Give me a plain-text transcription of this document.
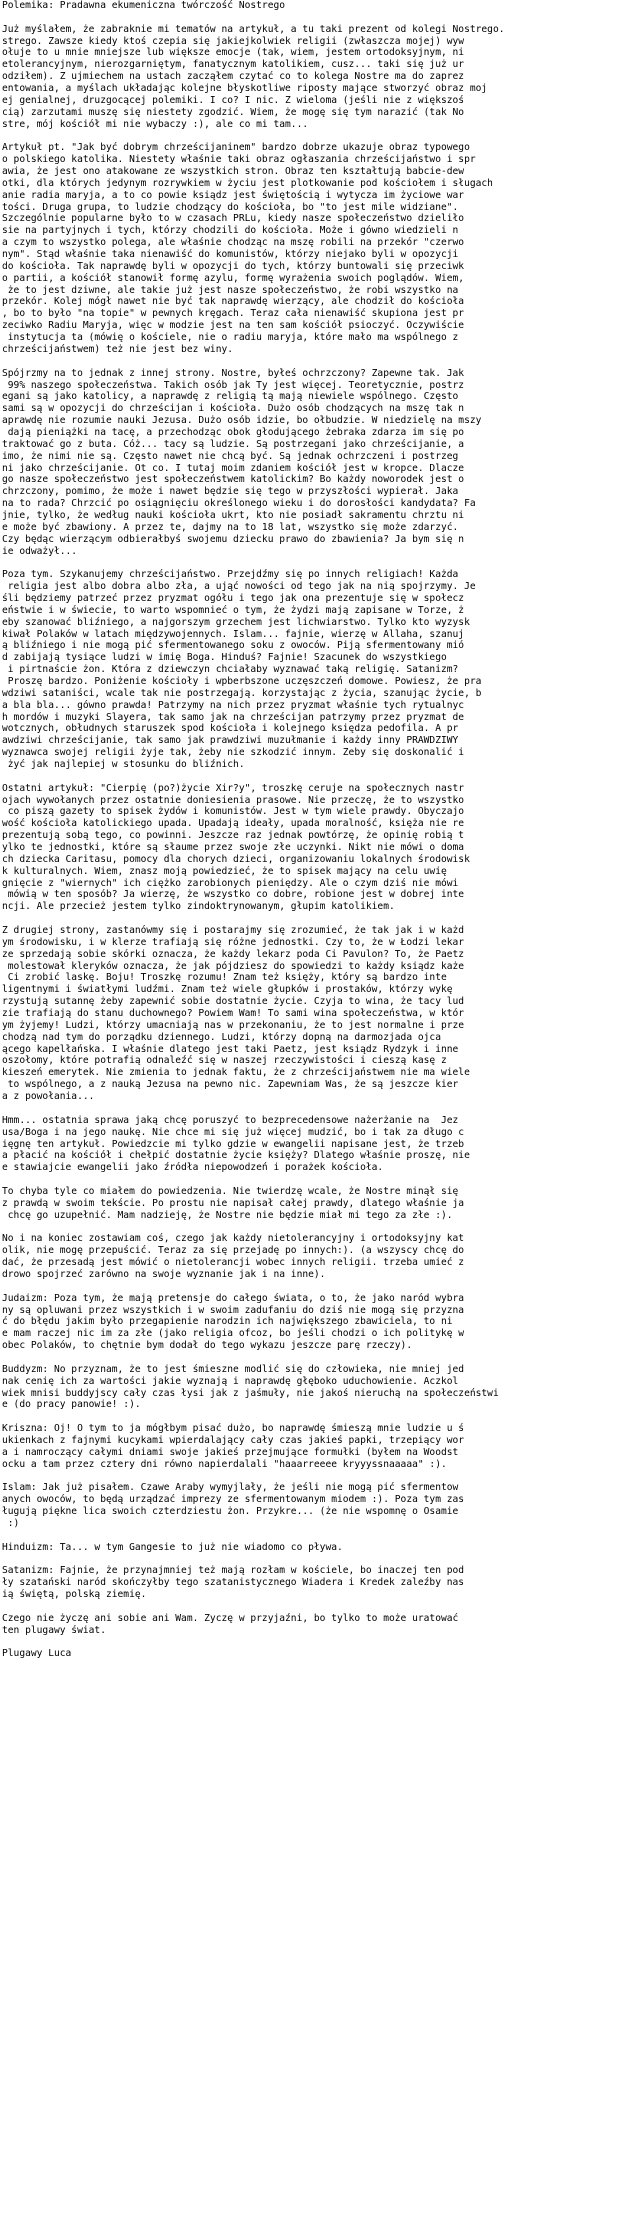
Polemika: Pradawna ekumeniczna twórczość Nostrego
Już myślałem, że zabraknie mi tematów na artykuł, a tu taki prezent od kolegi Nostrego.
strego. Zawsze kiedy ktoś czepia się jakiejkolwiek religii (zwłaszcza mojej) wyw
ołuje to u mnie mniejsze lub większe emocje (tak, wiem, jestem ortodoksyjnym, ni
etolerancyjnym, nierozgarniętym, fanatycznym katolikiem, cusz... taki się już ur
odziłem). Z ujmiechem na ustach zacząłem czytać co to kolega Nostre ma do zaprez
entowania, a myślach układając kolejne błyskotliwe riposty mające stworzyć obraz moj
ej genialnej, druzgocącej polemiki. I co? I nic. Z wieloma (jeśli nie z większoś
cią) zarzutami muszę się niestety zgodzić. Wiem, że mogę się tym narazić (tak No
stre, mój kościół mi nie wybaczy :), ale co mi tam...
Artykuł pt. "Jak być dobrym chrześcijaninem" bardzo dobrze ukazuje obraz typowego
o polskiego katolika. Niestety właśnie taki obraz ogłaszania chrześcijaństwo i spr
awia, że jest ono atakowane ze wszystkich stron. Obraz ten kształtują babcie-dew
otki, dla których jedynym rozrywkiem w życiu jest plotkowanie pod kościołem i sługach
anie radia maryja, a to co powie ksiądz jest świętością i wytycza im życiowe war
tości. Druga grupa, to ludzie chodzący do kościoła, bo "to jest mile widziane".
Szczególnie popularne było to w czasach PRLu, kiedy nasze społeczeństwo dzieliło
sie na partyjnych i tych, którzy chodzili do kościoła. Może i gówno wiedzieli n
a czym to wszystko polega, ale właśnie chodząc na mszę robili na przekór "czerwo
nym". Stąd właśnie taka nienawiść do komunistów, którzy niejako byli w opozycji
do kościoła. Tak naprawdę byli w opozycji do tych, którzy buntowali się przeciwk
o partii, a kościół stanowił formę azylu, formę wyrażenia swoich poglądów. Wiem,
że to jest dziwne, ale takie już jest nasze społeczeństwo, że robi wszystko na
przekór. Kolej mógł nawet nie być tak naprawdę wierzący, ale chodził do kościoła
, bo to było "na topie" w pewnych kręgach. Teraz cała nienawiść skupiona jest pr
zeciwko Radiu Maryja, więc w modzie jest na ten sam kościół psioczyć. Oczywiście
instytucja ta (mówię o kościele, nie o radiu maryja, które mało ma wspólnego z
chrześcijaństwem) też nie jest bez winy.
Spójrzmy na to jednak z innej strony. Nostre, byłeś ochrzczony? Zapewne tak. Jak
99% naszego społeczeństwa. Takich osób jak Ty jest więcej. Teoretycznie, postrz
egani są jako katolicy, a naprawdę z religią tą mają niewiele wspólnego. Często
sami są w opozycji do chrześcijan i kościoła. Dużo osób chodzących na mszę tak n
aprawdę nie rozumie nauki Jezusa. Dużo osób idzie, bo ołbudzie. W niedzielę na mszy
dają pieniążki na tacę, a przechodząc obok głodującego żebraka zdarza im się po
traktować go z buta. Cóż... tacy są ludzie. Są postrzegani jako chrześcijanie, a
imo, że nimi nie są. Często nawet nie chcą być. Są jednak ochrzczeni i postrzeg
ni jako chrześcijanie. Ot co. I tutaj moim zdaniem kościół jest w kropce. Dlacze
go nasze społeczeństwo jest społeczeństwem katolickim? Bo każdy noworodek jest o
chrzczony, pomimo, że może i nawet będzie się tego w przyszłości wypierał. Jaka
na to rada? Chrzcić po osiągnięciu określonego wieku i do dorosłości kandydata? Fa
jnie, tylko, że według nauki kościoła ukrt, kto nie posiadł sakramentu chrztu ni
e może być zbawiony. A przez te, dajmy na to 18 lat, wszystko się może zdarzyć.
Czy będąc wierzącym odbierałbyś swojemu dziecku prawo do zbawienia? Ja bym się n
ie odważył...
Poza tym. Szykanujemy chrześcijaństwo. Przejdźmy się po innych religiach! Każda
religia jest albo dobra albo zła, a ująć nowości od tego jak na nią spojrzymy. Je
śli będziemy patrzeć przez pryzmat ogółu i tego jak ona prezentuje się w społecz
eństwie i w świecie, to warto wspomnieć o tym, że żydzi mają zapisane w Torze, ż
eby szanować bliźniego, a najgorszym grzechem jest lichwiarstwo. Tylko kto wyzysk
kiwał Polaków w latach międzywojennych. Islam... fajnie, wierzę w Allaha, szanuj
ą bliźniego i nie mogą pić sfermentowanego soku z owoców. Piją sfermentowany mió
d zabijają tysiące ludzi w imię Boga. Hinduś? Fajnie! Szacunek do wszystkiego
i pirtnaście żon. Która z dziewczyn chciałaby wyznawać taką religię. Satanizm?
Proszę bardzo. Poniżenie kościoły i wpberbszone uczęszczeń domowe. Powiesz, że pra
wdziwi sataniści, wcale tak nie postrzegają. korzystając z życia, szanując życie, b
a bla bla... gówno prawda! Patrzymy na nich przez pryzmat właśnie tych rytualnyc
h mordów i muzyki Slayera, tak samo jak na chrześcijan patrzymy przez pryzmat de
wotcznych, obłudnych staruszek spod kościoła i kolejnego księdza pedofila. A pr
awdziwi chrześcijanie, tak samo jak prawdziwi muzułmanie i każdy inny PRAWDZIWY
wyznawca swojej religii żyje tak, żeby nie szkodzić innym. Żeby się doskonalić i
żyć jak najlepiej w stosunku do bliźnich.
Ostatni artykuł: "Cierpię (po?)życie Xir?y", troszkę ceruje na społecznych nastr
ojach wywołanych przez ostatnie doniesienia prasowe. Nie przeczę, że to wszystko
co piszą gazety to spisek żydów i komunistów. Jest w tym wiele prawdy. Obyczajo
wość kościoła katolickiego upada. Upadają ideały, upada moralność, księża nie re
prezentują sobą tego, co powinni. Jeszcze raz jednak powtórzę, że opinię robią t
ylko te jednostki, które są słaume przez swoje złe uczynki. Nikt nie mówi o doma
ch dziecka Caritasu, pomocy dla chorych dzieci, organizowaniu lokalnych środowisk
k kulturalnych. Wiem, znasz moją powiedzieć, że to spisek mający na celu uwię
gnięcie z "wiernych" ich ciężko zarobionych pieniędzy. Ale o czym dziś nie mówi
mówią w ten sposób? Ja wierzę, że wszystko co dobre, robione jest w dobrej inte
ncji. Ale przecież jestem tylko zindoktrynowanym, głupim katolikiem.
Z drugiej strony, zastanówmy się i postarajmy się zrozumieć, że tak jak i w każd
ym środowisku, i w klerze trafiają się różne jednostki. Czy to, że w Łodzi lekar
ze sprzedają sobie skórki oznacza, że każdy lekarz poda Ci Pavulon? To, że Paetz
molestował kleryków oznacza, że jak pójdziesz do spowiedzi to każdy ksiądz każe
Ci zrobić laskę. Boju! Troszkę rozumu! Znam też księży, który są bardzo inte
ligentnymi i światłymi ludźmi. Znam też wiele głupków i prostaków, którzy wykę
rzystują sutannę żeby zapewnić sobie dostatnie życie. Czyja to wina, że tacy lud
zie trafiają do stanu duchownego? Powiem Wam! To sami wina społeczeństwa, w któr
ym żyjemy! Ludzi, którzy umacniają nas w przekonaniu, że to jest normalne i prze
chodzą nad tym do porządku dziennego. Ludzi, którzy dopną na darmozjada ojca
ącego kapelłańska. I właśnie dlatego jest taki Paetz, jest ksiądz Rydzyk i inne
oszołomy, które potrafią odnaleźć się w naszej rzeczywistości i cieszą kasę z
kieszeń emerytek. Nie zmienia to jednak faktu, że z chrześcijaństwem nie ma wiele
to wspólnego, a z nauką Jezusa na pewno nic. Zapewniam Was, że są jeszcze kier
a z powołania...
Hmm... ostatnia sprawa jaką chcę poruszyć to bezprecedensowe nażerżanie na  Jez
usa/Boga i na jego naukę. Nie chce mi się już więcej mudzić, bo i tak za długo c
ięgnę ten artykuł. Powiedzcie mi tylko gdzie w ewangelii napisane jest, że trzeb
a płacić na kościół i chełpić dostatnie życie księży? Dlatego właśnie proszę, nie
e stawiajcie ewangelii jako źródła niepowodzeń i porażek kościoła.
To chyba tyle co miałem do powiedzenia. Nie twierdzę wcale, że Nostre minął się
z prawdą w swoim tekście. Po prostu nie napisał całej prawdy, dlatego właśnie ja
chcę go uzupełnić. Mam nadzieję, że Nostre nie będzie miał mi tego za złe :).
No i na koniec zostawiam coś, czego jak każdy nietolerancyjny i ortodoksyjny kat
olik, nie mogę przepuścić. Teraz za się przejadę po innych:). (a wszyscy chcę do
dać, że przesadą jest mówić o nietolerancji wobec innych religii. trzeba umieć z
drowo spojrzeć zarówno na swoje wyznanie jak i na inne).
Judaizm: Poza tym, że mają pretensje do całego świata, o to, że jako naród wybra
ny są opluwani przez wszystkich i w swoim zadufaniu do dziś nie mogą się przyzna
ć do błędu jakim było przegapienie narodzin ich największego zbawiciela, to ni
e mam raczej nic im za złe (jako religia ofcoz, bo jeśli chodzi o ich politykę w
obec Polaków, to chętnie bym dodał do tego wykazu jeszcze parę rzeczy).
Buddyzm: No przyznam, że to jest śmieszne modlić się do człowieka, nie mniej jed
nak cenię ich za wartości jakie wyznają i naprawdę głęboko uduchowienie. Aczkol
wiek mnisi buddyjscy cały czas łysi jak z jaśmuły, nie jakoś nieruchą na społeczeństwi
e (do pracy panowie! :).
Kriszna: Oj! O tym to ja mógłbym pisać dużo, bo naprawdę śmieszą mnie ludzie u ś
ukienkach z fajnymi kucykami wpierdalający cały czas jakieś papki, trzepiący wor
a i namroczący całymi dniami swoje jakieś przejmujące formułki (byłem na Woodst
ocku a tam przez cztery dni równo napierdalali "haaarreeee kryyyssnaaaaa" :).
Islam: Jak już pisałem. Czawe Araby wymyjlały, że jeśli nie mogą pić sfermentow
anych owoców, to będą urządzać imprezy ze sfermentowanym miodem :). Poza tym zas
ługują piękne lica swoich czterdziestu żon. Przykre... (że nie wspomnę o Osamie
:)
Hinduizm: Ta... w tym Gangesie to już nie wiadomo co pływa.
Satanizm: Fajnie, że przynajmniej też mają rozłam w kościele, bo inaczej ten pod
ły szatański naród skończyłby tego szatanistycznego Wiadera i Kredek zaleźby nas
ią świętą, polską ziemię.
Czego nie życzę ani sobie ani Wam. Życzę w przyjaźni, bo tylko to może uratować
ten plugawy świat.
Plugawy Luca
